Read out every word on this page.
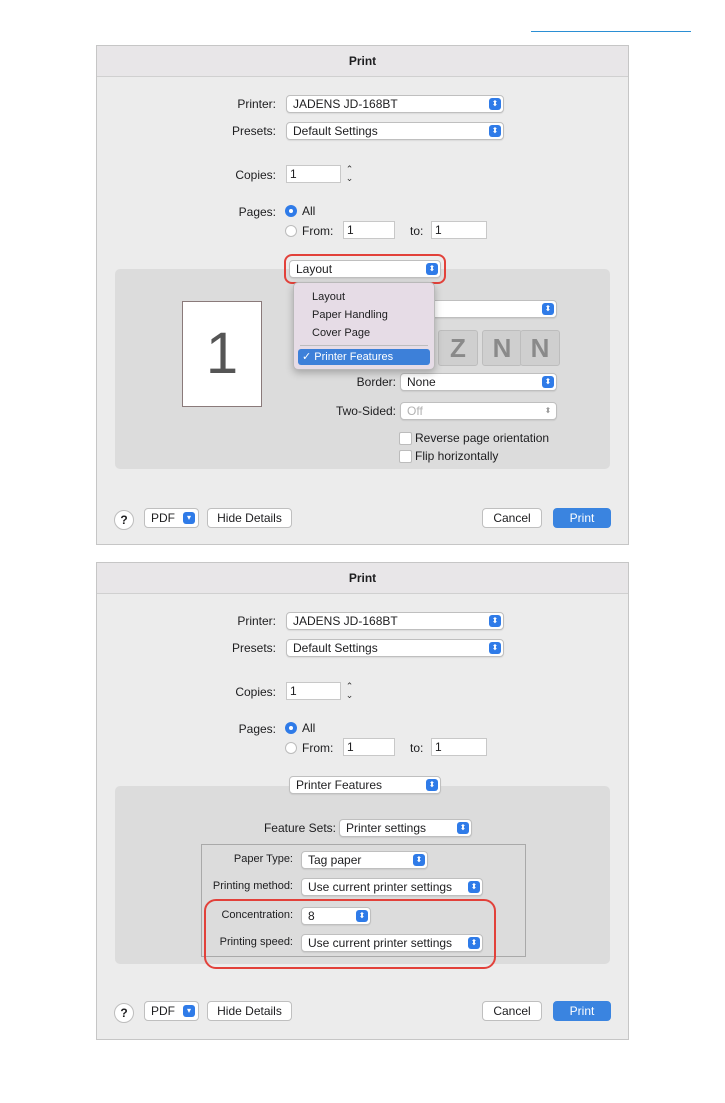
Print
Printer:	JADENS JD-168BT	⬍
Presets:	Default Settings	⬍
Copies:	1	⌃
⌄
Pages: All
From:	1	to: 1
Layout	⬍
1
⬍
Z	N N
Border: None	⬍
Two-Sided: Off	⬍
Reverse page orientation
Flip horizontally
Layout
Paper Handling
Cover Page
✓ Printer Features
?	PDF	▾	Hide Details	Cancel	Print
Print
Printer:	JADENS JD-168BT	⬍
Presets:	Default Settings	⬍
Copies:	1	⌃
⌄
Pages: All
From:	1	to: 1
Printer Features	⬍
Feature Sets: Printer settings	⬍
Paper Type:	Tag paper	⬍
Printing method:	Use current printer settings	⬍
Concentration:	8	⬍
Printing speed:	Use current printer settings	⬍
?	PDF	▾	Hide Details	Cancel	Print
